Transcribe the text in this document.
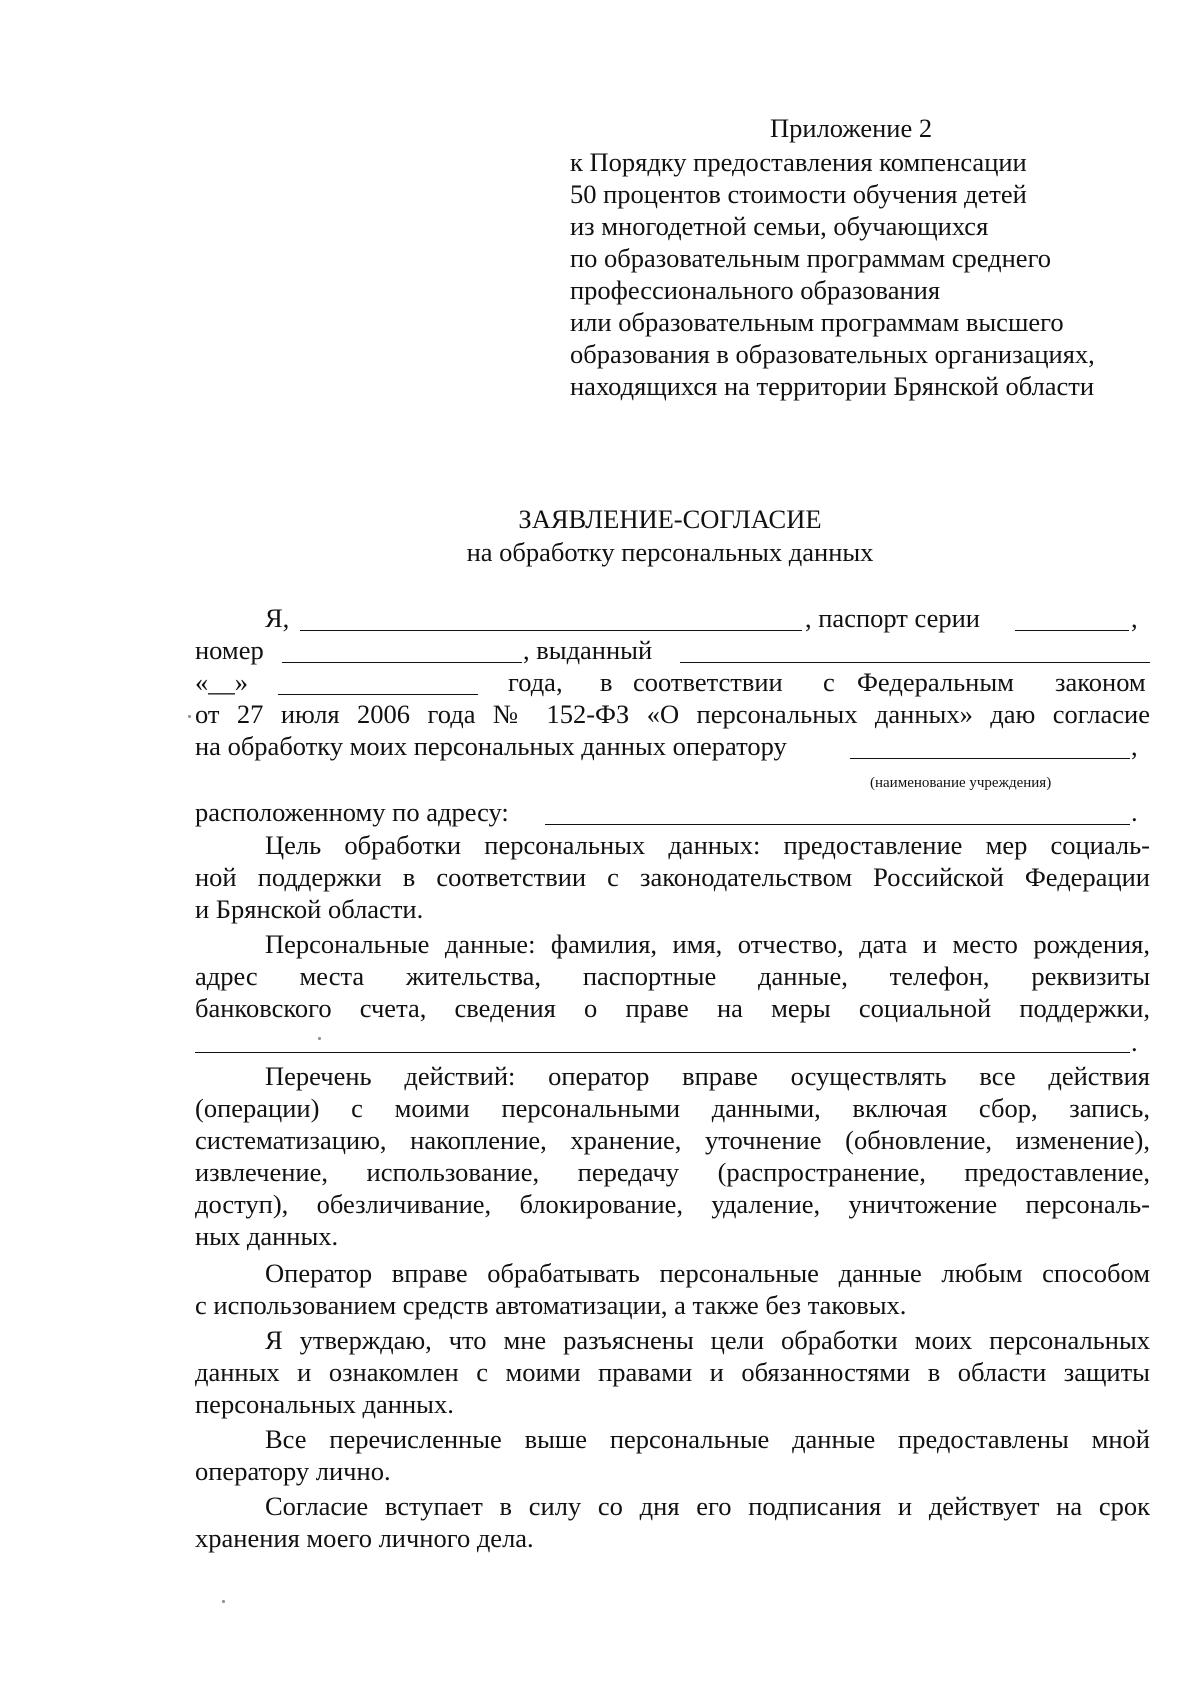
Приложение 2
к Порядку предоставления компенсации
50 процентов стоимости обучения детей
из многодетной семьи, обучающихся
по образовательным программам среднего
профессионального образования
или образовательным программам высшего
образования в образовательных организациях,
находящихся на территории Брянской области
ЗАЯВЛЕНИЕ-СОГЛАСИЕ
на обработку персональных данных
Я,	, паспорт серии	,
номер	, выданный
«__»	года, в соответствии с Федеральным законом
от 27 июля 2006 года № 152-ФЗ «О персональных данных» даю согласие
на обработку моих персональных данных оператору	,
(наименование учреждения)
расположенному по адресу:	.
Цель обработки персональных данных: предоставление мер социаль-
ной поддержки в соответствии с законодательством Российской Федерации
и Брянской области.
Персональные данные: фамилия, имя, отчество, дата и место рождения,
адрес места жительства, паспортные данные, телефон, реквизиты
банковского счета, сведения о праве на меры социальной поддержки,
.
Перечень действий: оператор вправе осуществлять все действия
(операции) с моими персональными данными, включая сбор, запись,
систематизацию, накопление, хранение, уточнение (обновление, изменение),
извлечение, использование, передачу (распространение, предоставление,
доступ), обезличивание, блокирование, удаление, уничтожение персональ-
ных данных.
Оператор вправе обрабатывать персональные данные любым способом
с использованием средств автоматизации, а также без таковых.
Я утверждаю, что мне разъяснены цели обработки моих персональных
данных и ознакомлен с моими правами и обязанностями в области защиты
персональных данных.
Все перечисленные выше персональные данные предоставлены мной
оператору лично.
Согласие вступает в силу со дня его подписания и действует на срок
хранения моего личного дела.
